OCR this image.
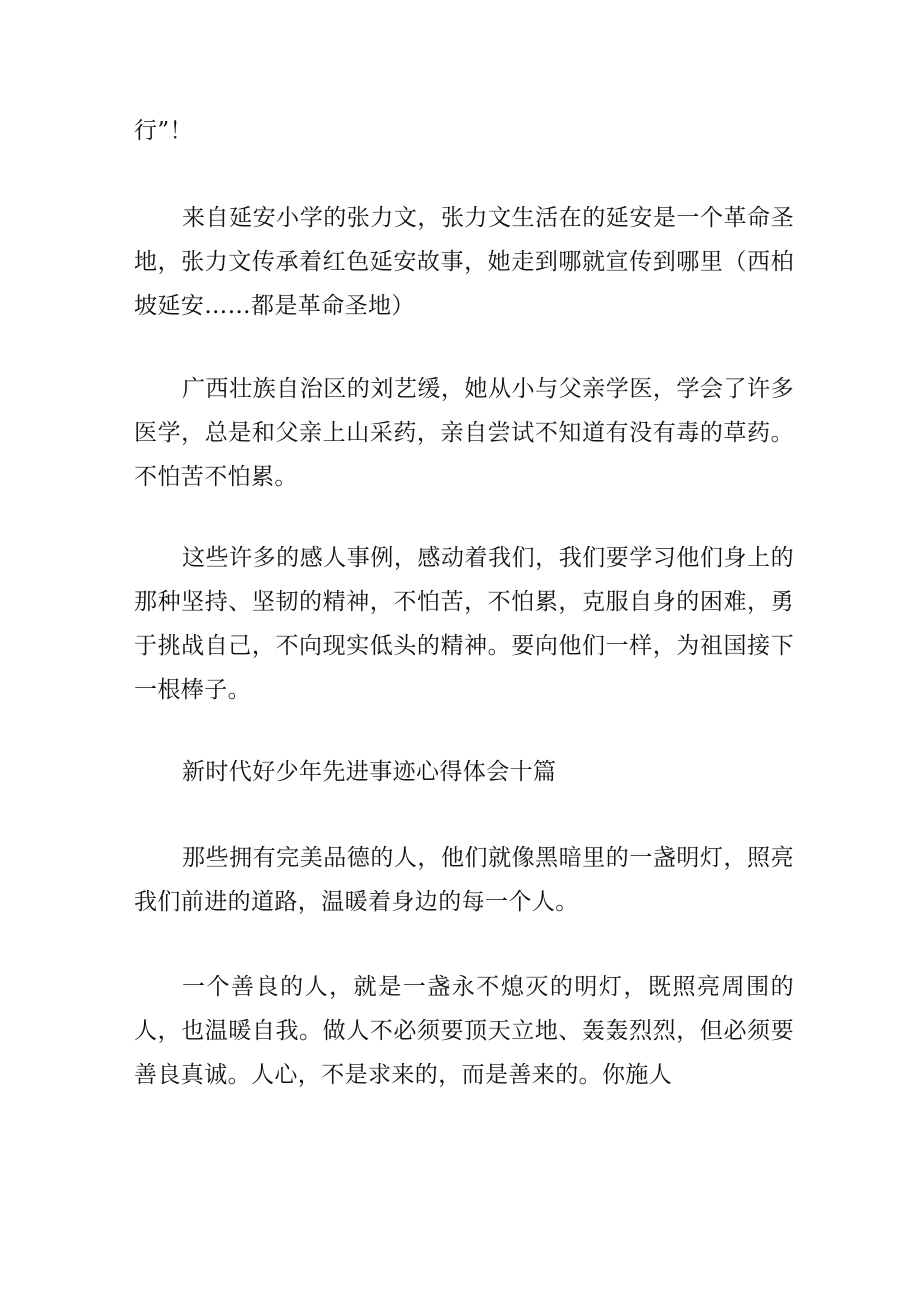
行”！

来自延安小学的张力文，张力文生活在的延安是一个革命圣地，张力文传承着红色延安故事，她走到哪就宣传到哪里（西柏坡延安……都是革命圣地）

广西壮族自治区的刘艺缓，她从小与父亲学医，学会了许多医学，总是和父亲上山采药，亲自尝试不知道有没有毒的草药。不怕苦不怕累。

这些许多的感人事例，感动着我们，我们要学习他们身上的那种坚持、坚韧的精神，不怕苦，不怕累，克服自身的困难，勇于挑战自己，不向现实低头的精神。要向他们一样，为祖国接下一根棒子。

新时代好少年先进事迹心得体会十篇

那些拥有完美品德的人，他们就像黑暗里的一盏明灯，照亮我们前进的道路，温暖着身边的每一个人。

一个善良的人，就是一盏永不熄灭的明灯，既照亮周围的人，也温暖自我。做人不必须要顶天立地、轰轰烈烈，但必须要善良真诚。人心，不是求来的，而是善来的。你施人
